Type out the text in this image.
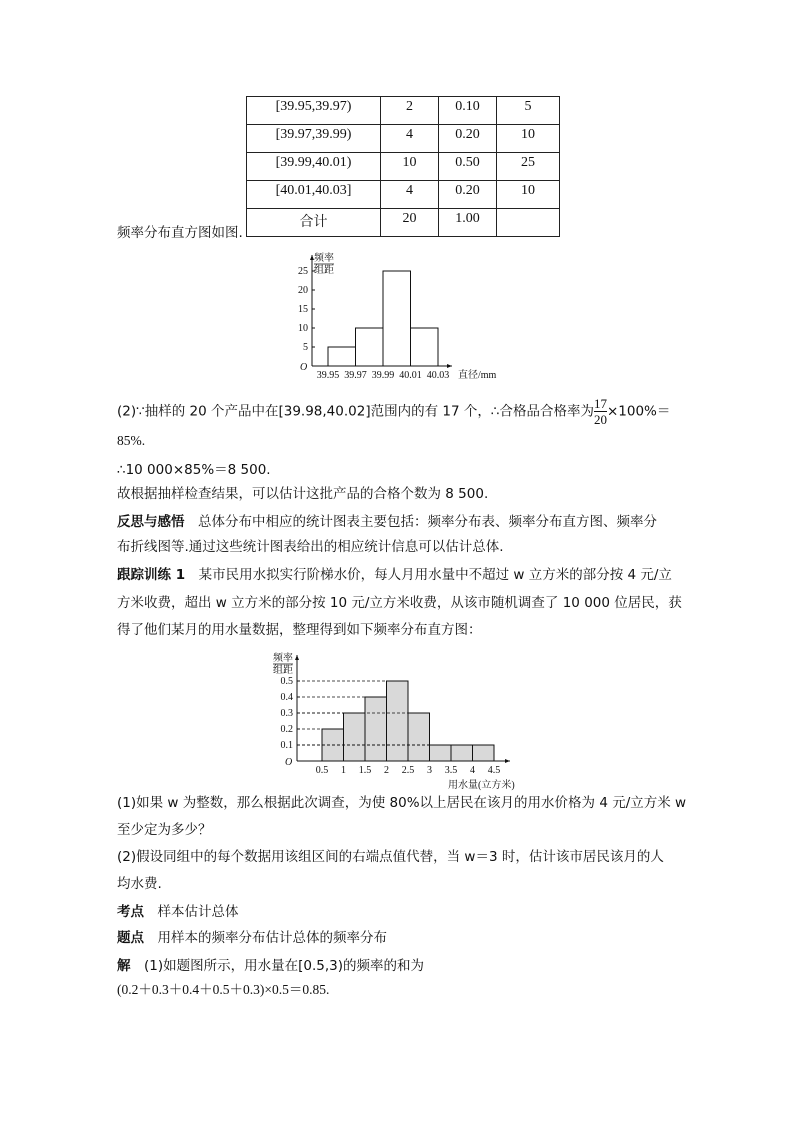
[39.95,39.97)	2	0.10	5
[39.97,39.99)	4	0.20	10
[39.99,40.01)	10	0.50	25
[40.01,40.03]	4	0.20	10
合计	20	1.00	
频率分布直方图如图.
O
频率
组距
5
10
15
20
25
39.95 39.97 39.99 40.01 40.03 直径/mm
(2)∵抽样的 20 个产品中在[39.98,40.02]范围内的有 17 个，∴合格品合格率为 $\frac{17}{20} \times 100\%=$
85%.
∴10 000×85%＝8 500.
故根据抽样检查结果，可以估计这批产品的合格个数为 8 500.
反思与感悟　总体分布中相应的统计图表主要包括：频率分布表、频率分布直方图、频率分
布折线图等.通过这些统计图表给出的相应统计信息可以估计总体.
跟踪训练 1　某市民用水拟实行阶梯水价，每人月用水量中不超过 w 立方米的部分按 4 元/立
方米收费，超出 w 立方米的部分按 10 元/立方米收费，从该市随机调查了 10 000 位居民，获
得了他们某月的用水量数据，整理得到如下频率分布直方图：
O
频率
组距
0.1
0.2
0.3
0.4
0.5
0.5 1 1.5 2 2.5 3 3.5 4 4.5
用水量(立方米)
(1)如果 w 为整数，那么根据此次调查，为使 80%以上居民在该月的用水价格为 4 元/立方米 w
至少定为多少？
(2)假设同组中的每个数据用该组区间的右端点值代替，当 w＝3 时，估计该市居民该月的人
均水费.
考点　样本估计总体
题点　用样本的频率分布估计总体的频率分布
解　(1)如题图所示，用水量在[0.5,3)的频率的和为
(0.2＋0.3＋0.4＋0.5＋0.3)×0.5＝0.85.
